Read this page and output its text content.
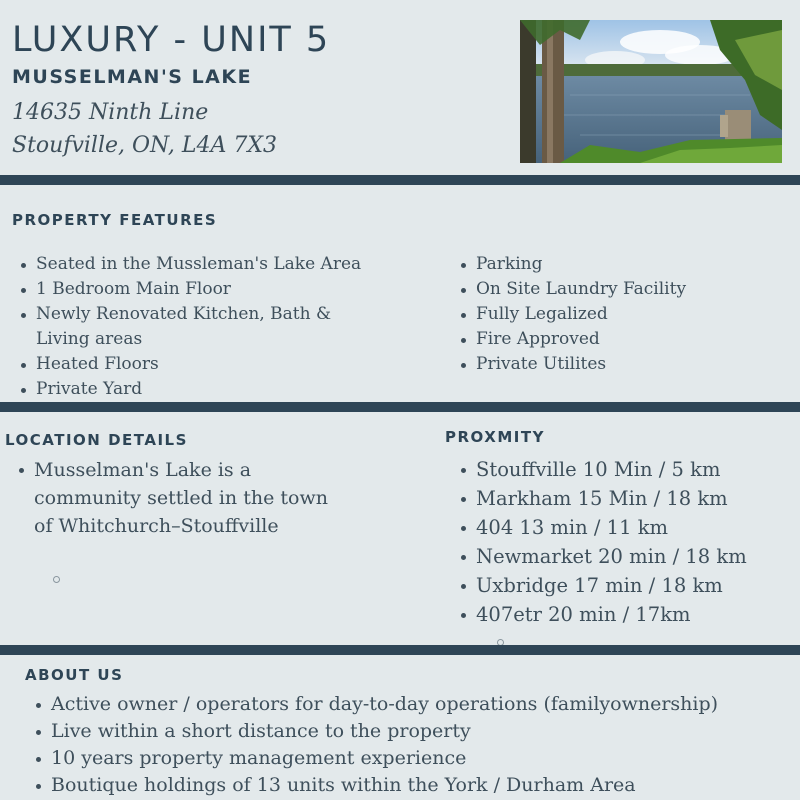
LUXURY - UNIT 5
MUSSELMAN'S LAKE
14635 Ninth Line
Stoufville, ON, L4A 7X3
PROPERTY FEATURES
Seated in the Mussleman's Lake Area
1 Bedroom Main Floor
Newly Renovated Kitchen, Bath &
Living areas
Heated Floors
Private Yard
Parking
On Site Laundry Facility
Fully Legalized
Fire Approved
Private Utilites
LOCATION DETAILS
Musselman's Lake is a community settled in the town of Whitchurch–Stouffville
PROXMITY
Stouffville 10 Min / 5 km
Markham 15 Min / 18 km
404 13 min / 11 km
Newmarket 20 min / 18 km
Uxbridge 17 min / 18 km
407etr 20 min / 17km
ABOUT US
Active owner / operators for day-to-day operations (familyownership)
Live within a short distance to the property
10 years property management experience
Boutique holdings of 13 units within the York / Durham Area
